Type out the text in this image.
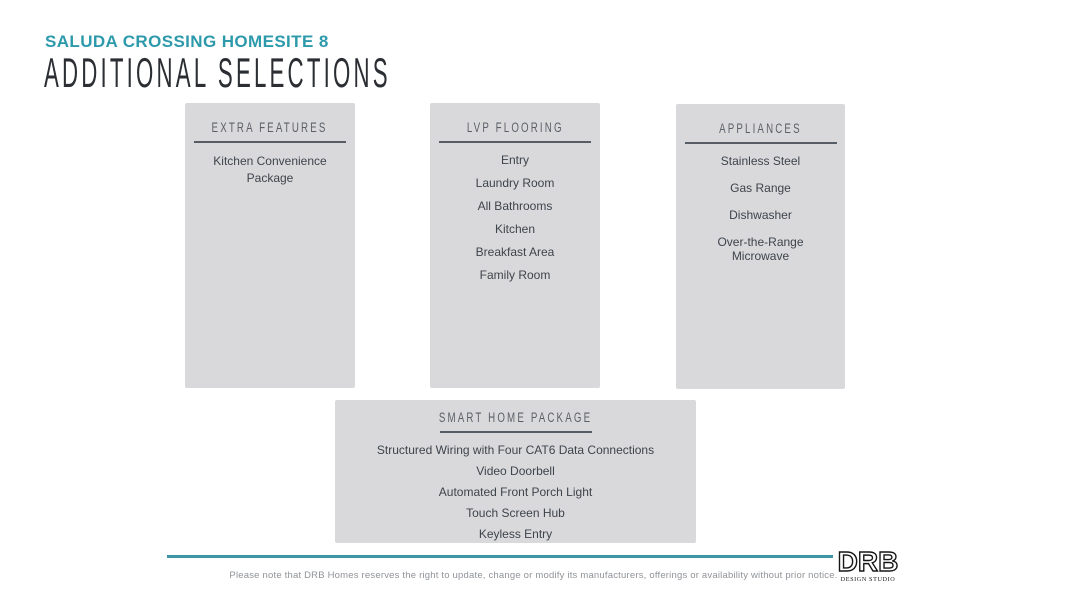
SALUDA CROSSING HOMESITE 8
ADDITIONAL SELECTIONS
EXTRA FEATURES
Kitchen Convenience Package
LVP FLOORING
Entry
Laundry Room
All Bathrooms
Kitchen
Breakfast Area
Family Room
APPLIANCES
Stainless Steel
Gas Range
Dishwasher
Over-the-Range Microwave
SMART HOME PACKAGE
Structured Wiring with Four CAT6 Data Connections
Video Doorbell
Automated Front Porch Light
Touch Screen Hub
Keyless Entry
Please note that DRB Homes reserves the right to update, change or modify its manufacturers, offerings or availability without prior notice. DRB
DESIGN STUDIO
